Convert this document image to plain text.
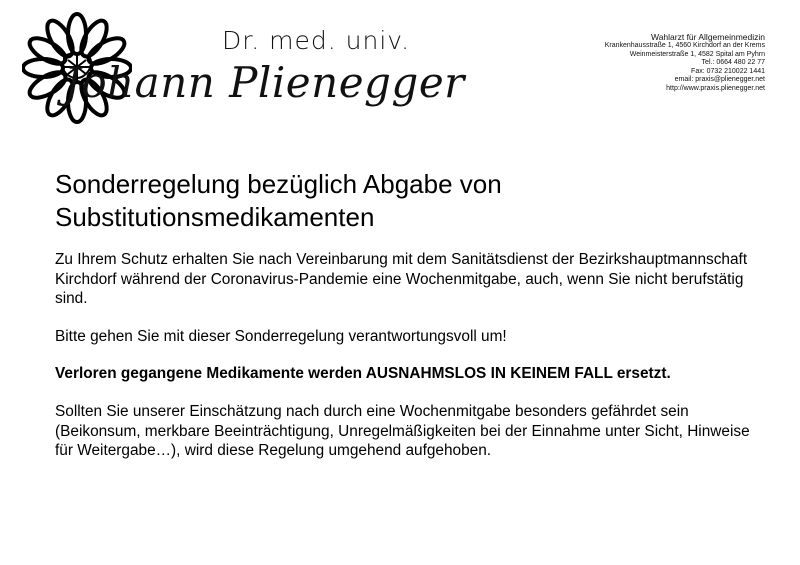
Dr. med. univ.
Johann Plienegger
Wahlarzt für Allgemeinmedizin
Krankenhausstraße 1, 4560 Kirchdorf an der Krems
Weinmeisterstraße 1, 4582 Spital am Pyhrn
Tel.: 0664 480 22 77
Fax: 0732 210022 1441
email: praxis@plienegger.net
http://www.praxis.plienegger.net
Sonderregelung bezüglich Abgabe von
Substitutionsmedikamenten

Zu Ihrem Schutz erhalten Sie nach Vereinbarung mit dem Sanitätsdienst der Bezirkshauptmannschaft Kirchdorf während der Coronavirus-Pandemie eine Wochenmitgabe, auch, wenn Sie nicht berufstätig sind.

Bitte gehen Sie mit dieser Sonderregelung verantwortungsvoll um!

Verloren gegangene Medikamente werden AUSNAHMSLOS IN KEINEM FALL ersetzt.

Sollten Sie unserer Einschätzung nach durch eine Wochenmitgabe besonders gefährdet sein (Beikonsum, merkbare Beeinträchtigung, Unregelmäßigkeiten bei der Einnahme unter Sicht, Hinweise für Weitergabe…), wird diese Regelung umgehend aufgehoben.
